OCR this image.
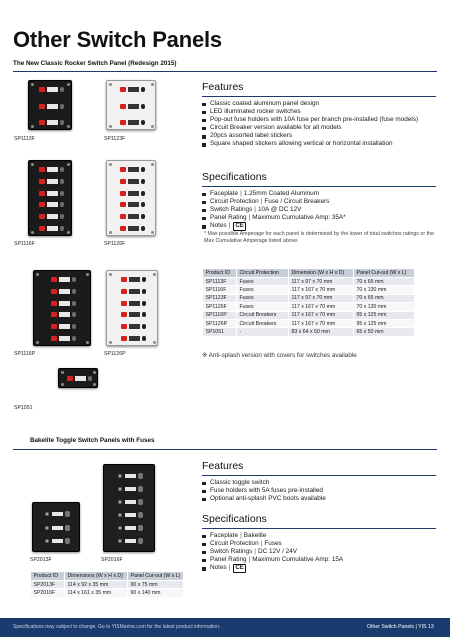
Other Switch Panels
The New Classic Rocker Switch Panel (Redesign 2015)
SP1113F	SP1123F
SP1116F	SP1126F
SP1116P	SP1126P
SP1051
Features
Classic coated aluminum panel design
LED illuminated rocker switches
Pop-out fuse holders with 10A fuse per branch pre-installed (fuse models)
Circuit Breaker version available for all models
20pcs assorted label stickers
Square shaped stickers allowing vertical or horizontal installation
Specifications
Faceplate | 1.25mm Coated Aluminum
Circuit Protection | Fuse / Circuit Breakers
Switch Ratings | 10A @ DC 12V
Panel Rating | Maximum Cumulative Amp: 35A*
Notes | CE
* Max possible Amperage for each panel is determined by the lower of total switches ratings or the Max Cumulative Amperage listed above.
Product ID	Circuit Protection	Dimension (W x H x D)	Panel Cut-out (W x L)
SP1113F	Fuses	117 x 97 x 70 mm	70 x 65 mm
SP1116F	Fuses	117 x 167 x 70 mm	70 x 130 mm
SP1123F	Fuses	117 x 97 x 70 mm	70 x 65 mm
SP1126F	Fuses	117 x 167 x 70 mm	70 x 130 mm
SP1116P	Circuit Breakers	117 x 167 x 70 mm	95 x 125 mm
SP1126P	Circuit Breakers	117 x 167 x 70 mm	95 x 125 mm
SP1051	-	83 x 64 x 50 mm	65 x 50 mm
※ Anti-splash version with covers for switches available
Bakelite Toggle Switch Panels with Fuses
SP2013F	SP2016F
Product ID	Dimensions (W x H x D)	Panel Cut-out (W x L)
SP2013F	114 x 92 x 35 mm	90 x 75 mm
SP2016F	114 x 161 x 35 mm	90 x 140 mm
Features
Classic toggle switch
Fuse holders with 5A fuses pre-installed
Optional anti-splash PVC boots available
Specifications
Faceplate | Bakelite
Circuit Protection | Fuses
Switch Ratings | DC 12V / 24V
Panel Rating | Maximum Cumulative Amp: 15A
Notes | CE
Specifications may subject to change. Go to YISMarine.com for the latest product information.	Other Switch Panels | YIS 13
